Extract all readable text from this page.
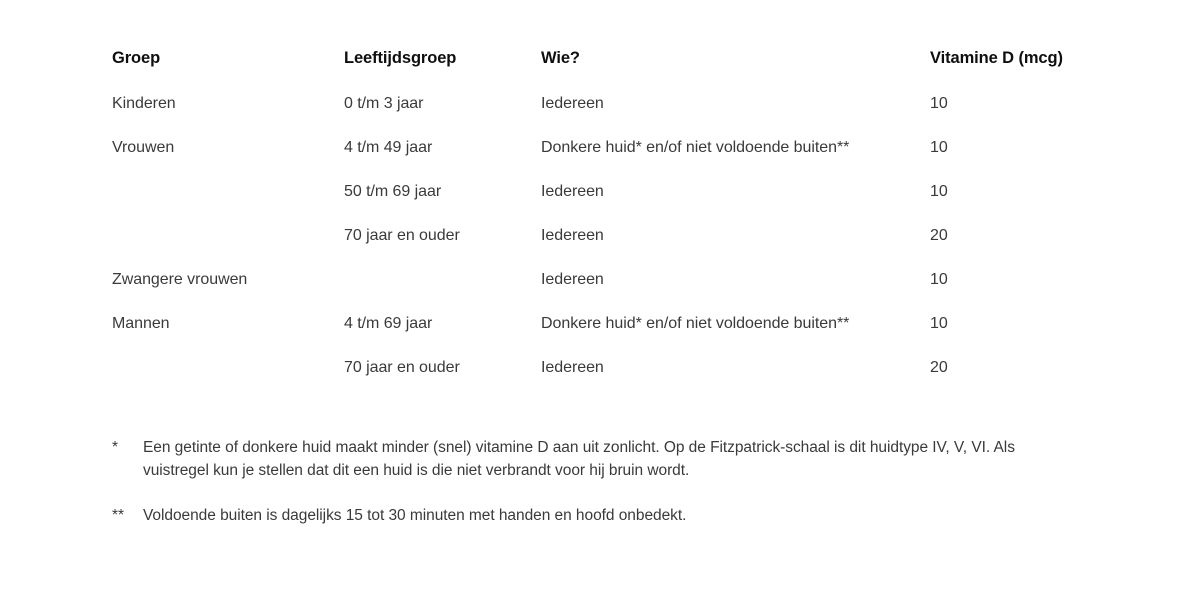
Groep	Leeftijdsgroep	Wie?	Vitamine D (mcg)
Kinderen	0 t/m 3 jaar	Iedereen	10
Vrouwen	4 t/m 49 jaar	Donkere huid* en/of niet voldoende buiten**	10
	50 t/m 69 jaar	Iedereen	10
	70 jaar en ouder	Iedereen	20
Zwangere vrouwen		Iedereen	10
Mannen	4 t/m 69 jaar	Donkere huid* en/of niet voldoende buiten**	10
	70 jaar en ouder	Iedereen	20
*	Een getinte of donkere huid maakt minder (snel) vitamine D aan uit zonlicht. Op de Fitzpatrick-schaal is dit huidtype IV, V, VI. Als vuistregel kun je stellen dat dit een huid is die niet verbrandt voor hij bruin wordt.
**	Voldoende buiten is dagelijks 15 tot 30 minuten met handen en hoofd onbedekt.
